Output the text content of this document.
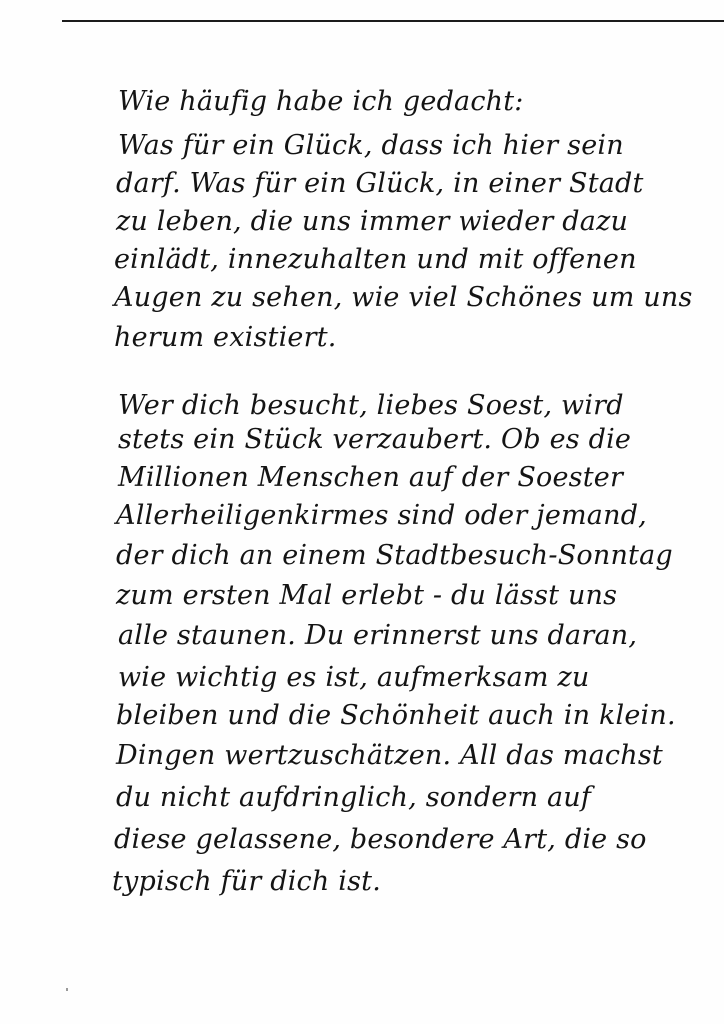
Wie häufig habe ich gedacht:
Was für ein Glück, dass ich hier sein
darf. Was für ein Glück, in einer Stadt
zu leben, die uns immer wieder dazu
einlädt, innezuhalten und mit offenen
Augen zu sehen, wie viel Schönes um uns
herum existiert.
Wer dich besucht, liebes Soest, wird
stets ein Stück verzaubert. Ob es die
Millionen Menschen auf der Soester
Allerheiligenkirmes sind oder jemand,
der dich an einem Stadtbesuch-Sonntag
zum ersten Mal erlebt - du lässt uns
alle staunen. Du erinnerst uns daran,
wie wichtig es ist, aufmerksam zu
bleiben und die Schönheit auch in klein.
Dingen wertzuschätzen. All das machst
du nicht aufdringlich, sondern auf
diese gelassene, besondere Art, die so
typisch für dich ist.
